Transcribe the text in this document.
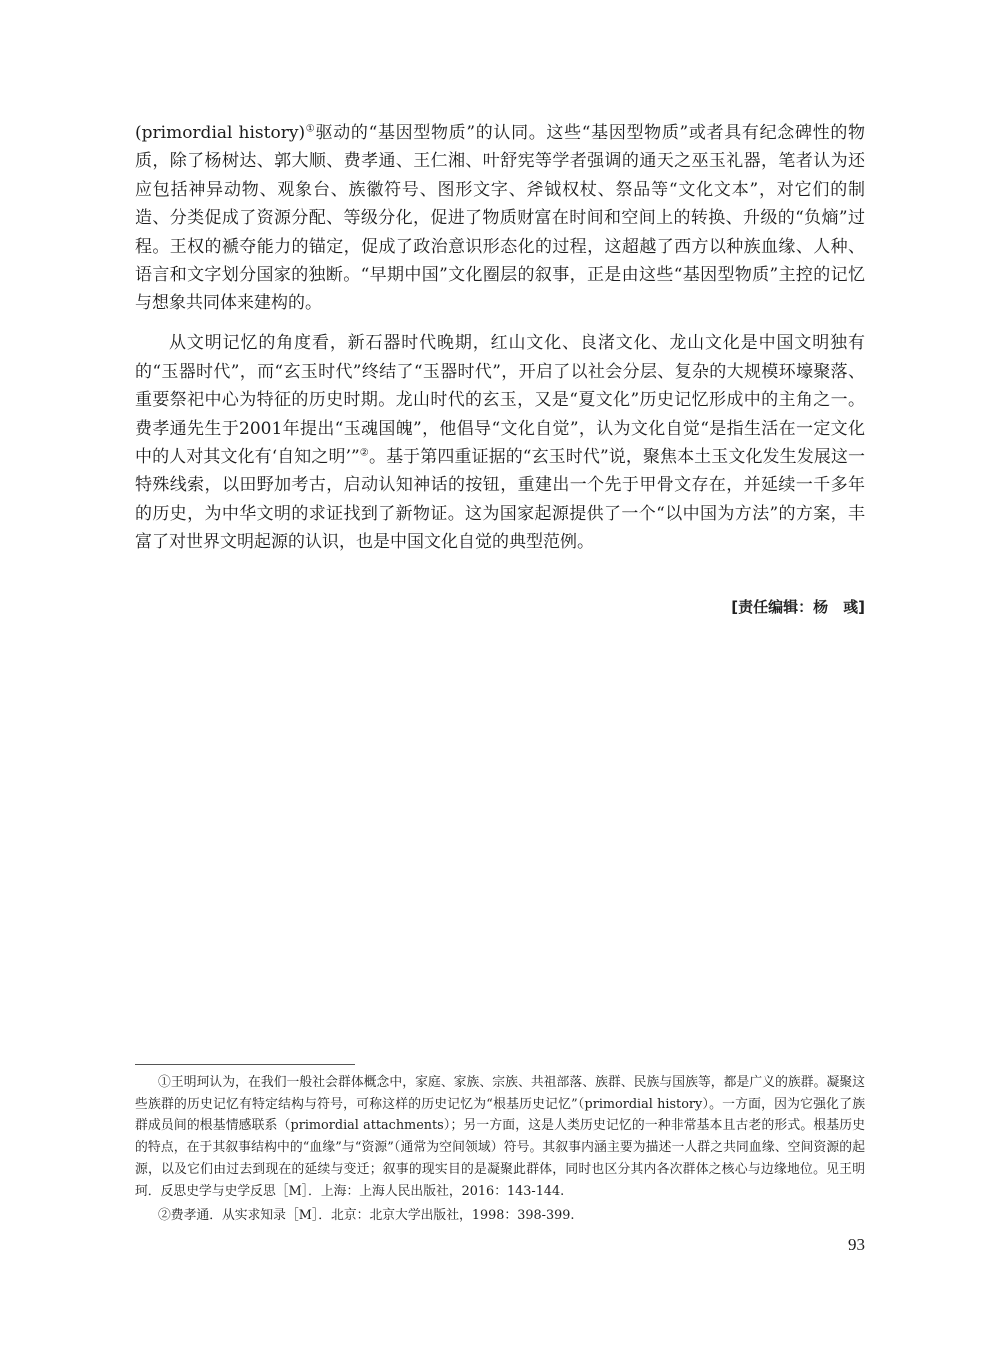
(primordial history)①驱动的“基因型物质”的认同。这些“基因型物质”或者具有纪念碑性的物质，除了杨树达、郭大顺、费孝通、王仁湘、叶舒宪等学者强调的通天之巫玉礼器，笔者认为还应包括神异动物、观象台、族徽符号、图形文字、斧钺权杖、祭品等“文化文本”，对它们的制造、分类促成了资源分配、等级分化，促进了物质财富在时间和空间上的转换、升级的“负熵”过程。王权的褫夺能力的锚定，促成了政治意识形态化的过程，这超越了西方以种族血缘、人种、语言和文字划分国家的独断。“早期中国”文化圈层的叙事，正是由这些“基因型物质”主控的记忆与想象共同体来建构的。

从文明记忆的角度看，新石器时代晚期，红山文化、良渚文化、龙山文化是中国文明独有的“玉器时代”，而“玄玉时代”终结了“玉器时代”，开启了以社会分层、复杂的大规模环壕聚落、重要祭祀中心为特征的历史时期。龙山时代的玄玉，又是“夏文化”历史记忆形成中的主角之一。费孝通先生于2001年提出“玉魂国魄”，他倡导“文化自觉”，认为文化自觉“是指生活在一定文化中的人对其文化有‘自知之明’”②。基于第四重证据的“玄玉时代”说，聚焦本土玉文化发生发展这一特殊线索，以田野加考古，启动认知神话的按钮，重建出一个先于甲骨文存在，并延续一千多年的历史，为中华文明的求证找到了新物证。这为国家起源提供了一个“以中国为方法”的方案，丰富了对世界文明起源的认识，也是中国文化自觉的典型范例。

[责任编辑：杨　彧]

①王明珂认为，在我们一般社会群体概念中，家庭、家族、宗族、共祖部落、族群、民族与国族等，都是广义的族群。凝聚这些族群的历史记忆有特定结构与符号，可称这样的历史记忆为“根基历史记忆”（primordial history）。一方面，因为它强化了族群成员间的根基情感联系（primordial attachments）；另一方面，这是人类历史记忆的一种非常基本且古老的形式。根基历史的特点，在于其叙事结构中的“血缘”与“资源”（通常为空间领域）符号。其叙事内涵主要为描述一人群之共同血缘、空间资源的起源，以及它们由过去到现在的延续与变迁；叙事的现实目的是凝聚此群体，同时也区分其内各次群体之核心与边缘地位。见王明珂．反思史学与史学反思［M］．上海：上海人民出版社，2016：143-144.

②费孝通．从实求知录［M］．北京：北京大学出版社，1998：398-399.

93
